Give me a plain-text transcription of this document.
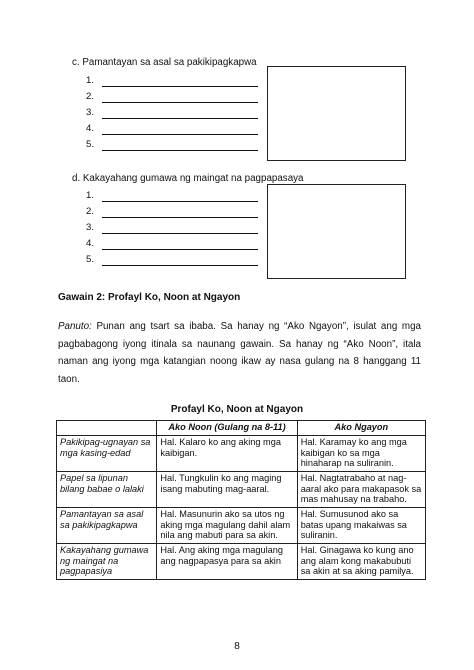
c. Pamantayan sa asal sa pakikipagkapwa
1.
2.
3.
4.
5.
d. Kakayahang gumawa ng maingat na pagpapasaya
1.
2.
3.
4.
5.
Gawain 2: Profayl Ko, Noon at Ngayon
Panuto: Punan ang tsart sa ibaba. Sa hanay ng “Ako Ngayon”, isulat ang mga pagbabagong iyong itinala sa naunang gawain. Sa hanay ng “Ako Noon”, itala naman ang iyong mga katangian noong ikaw ay nasa gulang na 8 hanggang 11 taon.
Profayl Ko, Noon at Ngayon
	Ako Noon (Gulang na 8-11)	Ako Ngayon
Pakikipag-ugnayan sa mga kasing-edad	Hal. Kalaro ko ang aking mga kaibigan.	Hal. Karamay ko ang mga kaibigan ko sa mga hinaharap na suliranin.
Papel sa lipunan bilang babae o lalaki	Hal. Tungkulin ko ang maging isang mabuting mag-aaral.	Hal. Nagtatrabaho at nag-aaral ako para makapasok sa mas mahusay na trabaho.
Pamantayan sa asal sa pakikipagkapwa	Hal. Masunurin ako sa utos ng aking mga magulang dahil alam nila ang mabuti para sa akin.	Hal. Sumusunod ako sa batas upang makaiwas sa suliranin.
Kakayahang gumawa ng maingat na pagpapasiya	Hal. Ang aking mga magulang ang nagpapasya para sa akin	Hal. Ginagawa ko kung ano ang alam kong makabubuti sa akin at sa aking pamilya.
8
